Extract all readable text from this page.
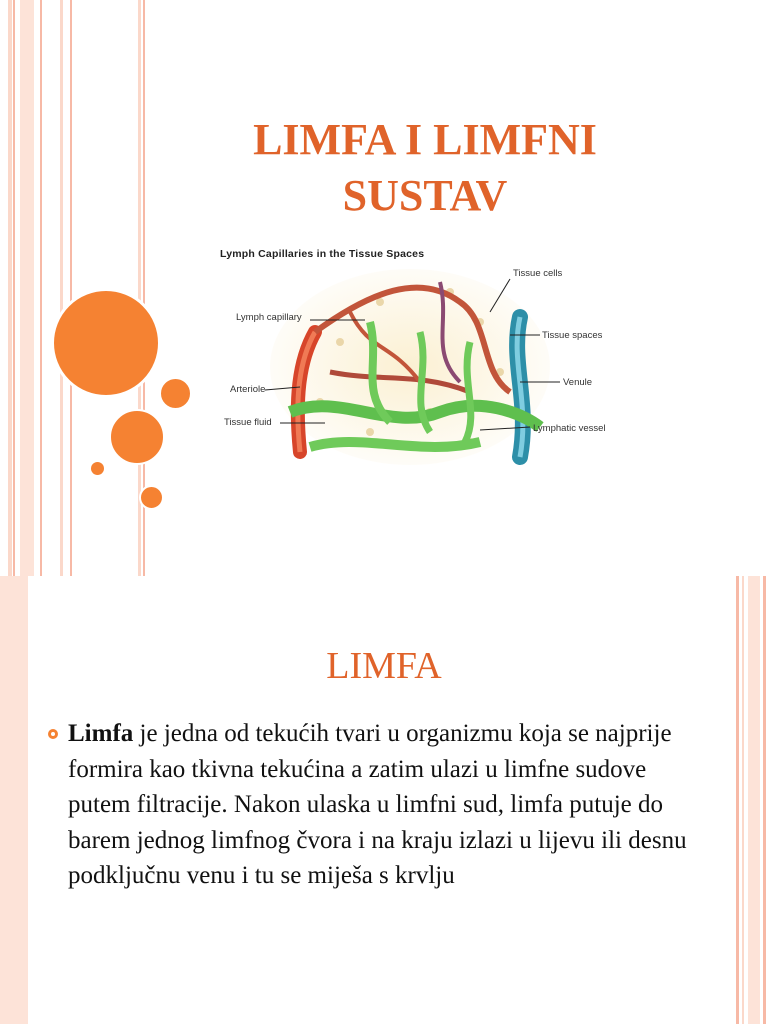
LIMFA I LIMFNI
SUSTAV
Lymph Capillaries in the Tissue Spaces
Tissue cells
Lymph capillary
Tissue spaces
Arteriole
Venule
Tissue fluid
Lymphatic vessel
LIMFA
Limfa je jedna od tekućih tvari u organizmu koja se najprije formira kao tkivna tekućina a zatim ulazi u limfne sudove putem filtracije. Nakon ulaska u limfni sud, limfa putuje do barem jednog limfnog čvora i na kraju izlazi u lijevu ili desnu podključnu venu i tu se miješa s krvlju
